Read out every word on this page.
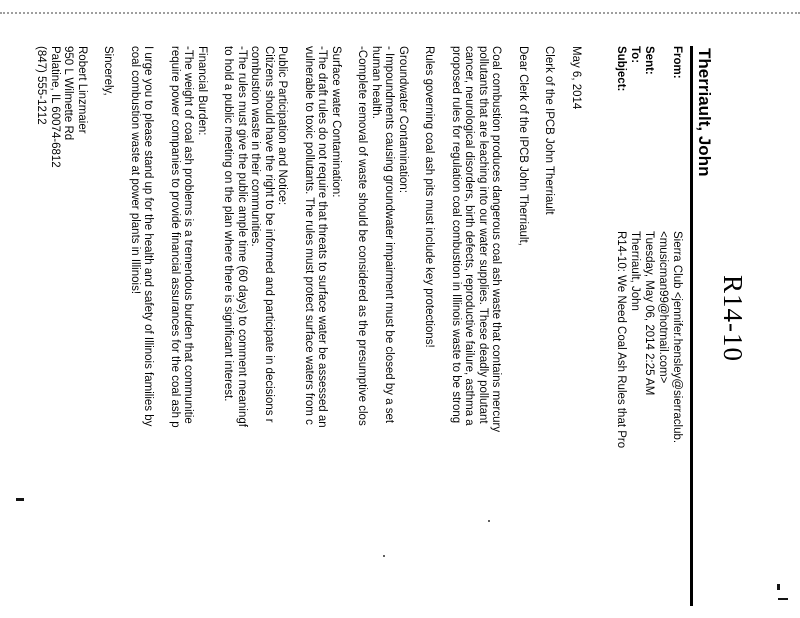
R14-10
Therriault, John
From:
Sierra Club <jennifer.hensley@sierraclub.
<musicman99@hotmail.com>
Sent:
Tuesday, May 06, 2014 2:25 AM
To:
Therriault, John
Subject:
R14-10: We Need Coal Ash Rules that Pro

May 6, 2014

Clerk of the IPCB John Therriault

Dear Clerk of the IPCB John Therriault,

Coal combustion produces dangerous coal ash waste that contains mercury
pollutants that are leaching into our water supplies. These deadly pollutant
cancer, neurological disorders, birth defects, reproductive failure, asthma a
proposed rules for regulation coal combustion in Illinois waste to be strong

Rules governing coal ash pits must include key protections!

Groundwater Contamination:
- Impoundments causing groundwater impairment must be closed by a set
human health.
-Complete removal of waste should be considered as the presumptive clos
Surface water Contamination:
-The draft rules do not require that threats to surface water be assessed an
vulnerable to toxic pollutants. The rules must protect surface waters from c
Public Participation and Notice:
Citizens should have the right to be informed and participate in decisions r
combustion waste in their communities.
-The rules must give the public ample time (60 days) to comment meaningf
to hold a public meeting on the plan where there is significant interest.
Financial Burden:
-The weight of coal ash problems is a tremendous burden that communitie
require power companies to provide financial assurances for the coal ash p
I urge you to please stand up for the health and safety of Illinois families by
coal combustion waste at power plants in Illinois!

Sincerely,

Robert Linzmaier
950 L Wilmette Rd
Palatine, IL 60074-6812
(847) 555-1212
